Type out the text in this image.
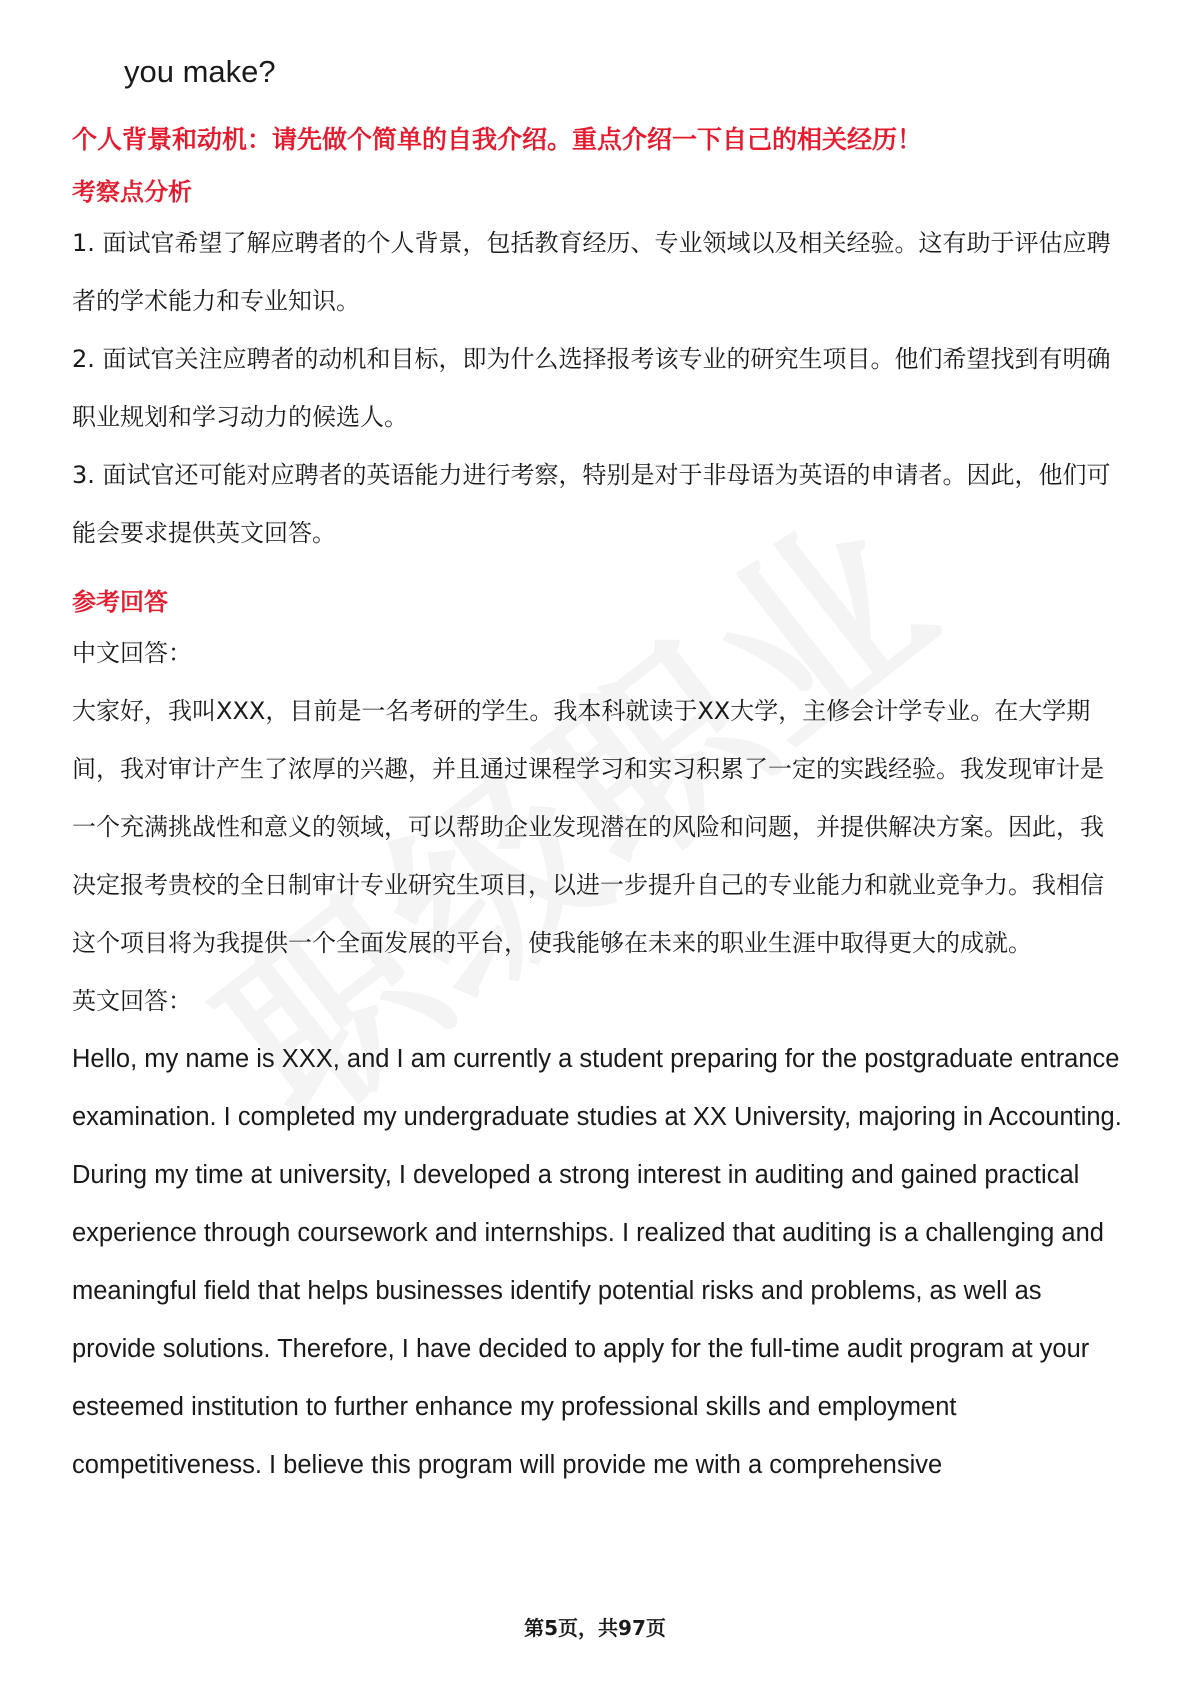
you make?
个人背景和动机：请先做个简单的自我介绍。重点介绍一下自己的相关经历！
考察点分析
1. 面试官希望了解应聘者的个人背景，包括教育经历、专业领域以及相关经验。这有助于评估应聘者的学术能力和专业知识。
2. 面试官关注应聘者的动机和目标，即为什么选择报考该专业的研究生项目。他们希望找到有明确职业规划和学习动力的候选人。
3. 面试官还可能对应聘者的英语能力进行考察，特别是对于非母语为英语的申请者。因此，他们可能会要求提供英文回答。
参考回答
中文回答：
大家好，我叫XXX，目前是一名考研的学生。我本科就读于XX大学，主修会计学专业。在大学期间，我对审计产生了浓厚的兴趣，并且通过课程学习和实习积累了一定的实践经验。我发现审计是一个充满挑战性和意义的领域，可以帮助企业发现潜在的风险和问题，并提供解决方案。因此，我决定报考贵校的全日制审计专业研究生项目，以进一步提升自己的专业能力和就业竞争力。我相信这个项目将为我提供一个全面发展的平台，使我能够在未来的职业生涯中取得更大的成就。
英文回答：
Hello, my name is XXX, and I am currently a student preparing for the postgraduate entrance examination. I completed my undergraduate studies at XX University, majoring in Accounting. During my time at university, I developed a strong interest in auditing and gained practical experience through coursework and internships. I realized that auditing is a challenging and meaningful field that helps businesses identify potential risks and problems, as well as provide solutions. Therefore, I have decided to apply for the full-time audit program at your esteemed institution to further enhance my professional skills and employment competitiveness. I believe this program will provide me with a comprehensive
第5页，共97页
